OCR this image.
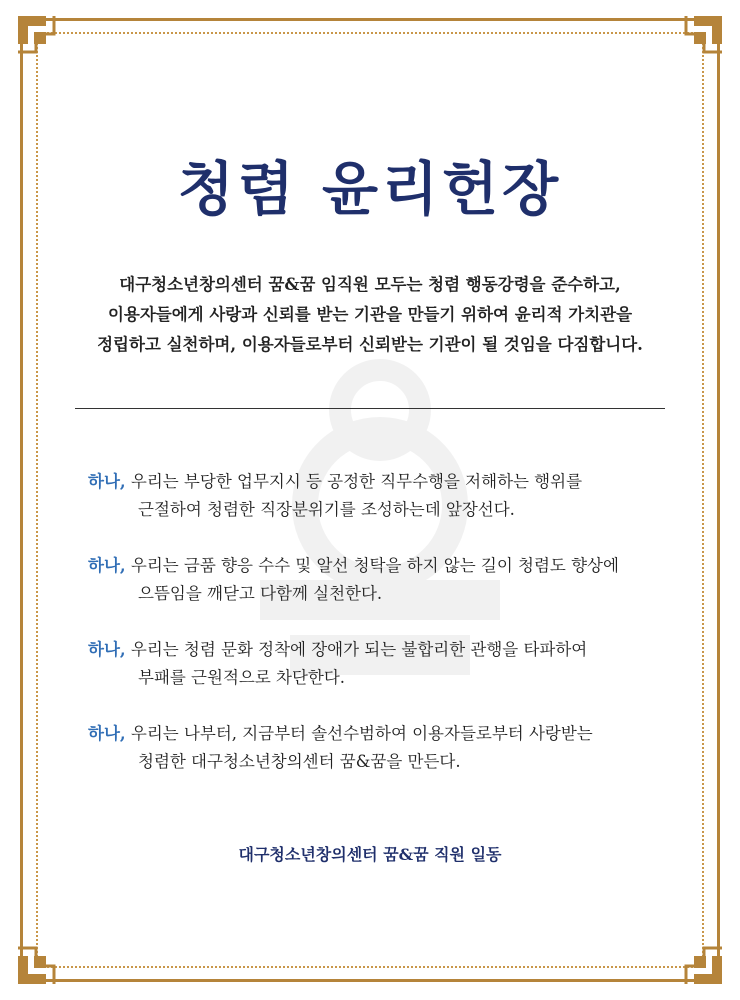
청렴 윤리헌장
대구청소년창의센터 꿈&꿈 임직원 모두는 청렴 행동강령을 준수하고,
이용자들에게 사랑과 신뢰를 받는 기관을 만들기 위하여 윤리적 가치관을
정립하고 실천하며, 이용자들로부터 신뢰받는 기관이 될 것임을 다짐합니다.
하나, 우리는 부당한 업무지시 등 공정한 직무수행을 저해하는 행위를
근절하여 청렴한 직장분위기를 조성하는데 앞장선다.
하나, 우리는 금품 향응 수수 및 알선 청탁을 하지 않는 길이 청렴도 향상에
으뜸임을 깨닫고 다함께 실천한다.
하나, 우리는 청렴 문화 정착에 장애가 되는 불합리한 관행을 타파하여
부패를 근원적으로 차단한다.
하나, 우리는 나부터, 지금부터 솔선수범하여 이용자들로부터 사랑받는
청렴한 대구청소년창의센터 꿈&꿈을 만든다.
대구청소년창의센터 꿈&꿈 직원 일동
